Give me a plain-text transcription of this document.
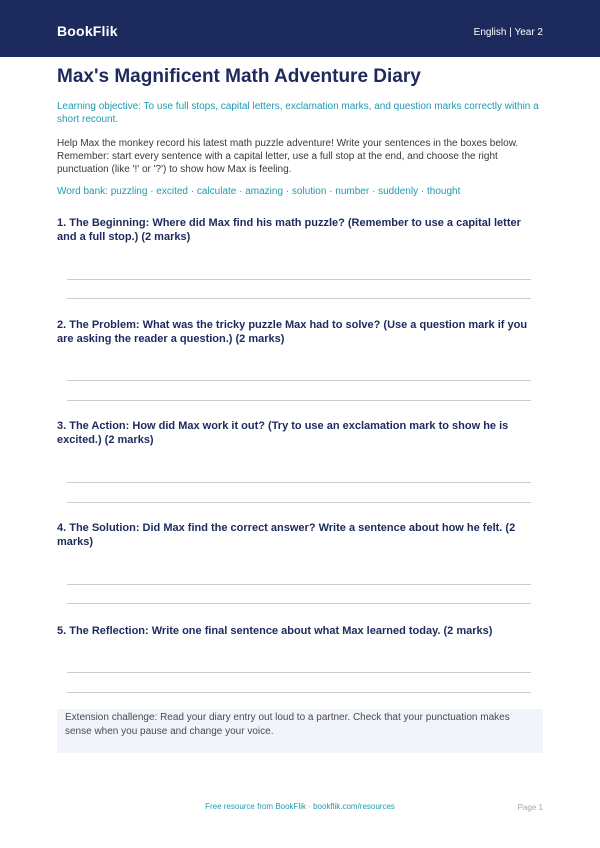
BookFlik	English | Year 2
Max's Magnificent Math Adventure Diary

Learning objective: To use full stops, capital letters, exclamation marks, and question marks correctly within a short recount.

Help Max the monkey record his latest math puzzle adventure! Write your sentences in the boxes below. Remember: start every sentence with a capital letter, use a full stop at the end, and choose the right punctuation (like '!' or '?') to show how Max is feeling.

Word bank: puzzling · excited · calculate · amazing · solution · number · suddenly · thought

1. The Beginning: Where did Max find his math puzzle? (Remember to use a capital letter and a full stop.) (2 marks)
2. The Problem: What was the tricky puzzle Max had to solve? (Use a question mark if you are asking the reader a question.) (2 marks)
3. The Action: How did Max work it out? (Try to use an exclamation mark to show he is excited.) (2 marks)
4. The Solution: Did Max find the correct answer? Write a sentence about how he felt. (2 marks)
5. The Reflection: Write one final sentence about what Max learned today. (2 marks)
Extension challenge: Read your diary entry out loud to a partner. Check that your punctuation makes sense when you pause and change your voice.
Free resource from BookFlik · bookflik.com/resources	Page 1
